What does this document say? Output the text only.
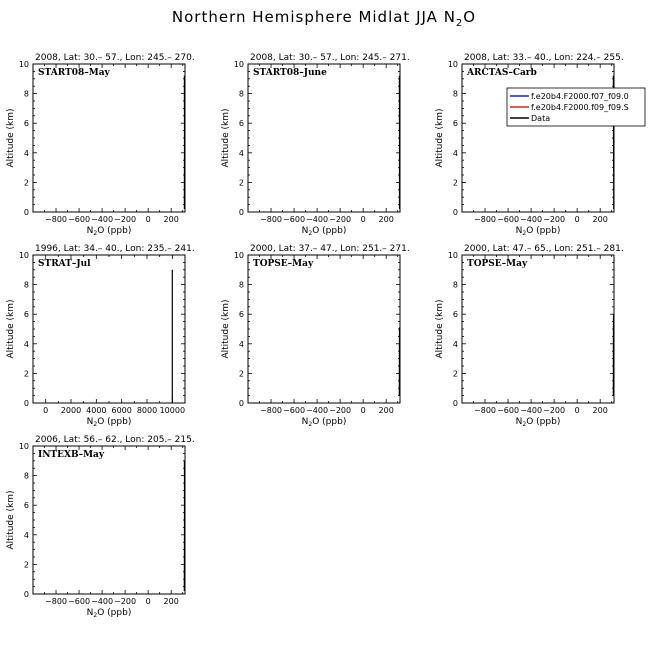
Northern Hemisphere Midlat JJA $N_2O$
2008, Lat: 30.– 57., Lon: 245.– 270.
0
2
4
6
8
10
−800 −600 −400 −200 0 200
$N_2O$ (ppb)
Altitude (km)
START08–May
2008, Lat: 30.– 57., Lon: 245.– 271.
0
2
4
6
8
10
−800 −600 −400 −200 0 200
$N_2O$ (ppb)
Altitude (km)
START08–June
2008, Lat: 33.– 40., Lon: 224.– 255.
0
2
4
6
8
10
−800 −600 −400 −200 0 200
$N_2O$ (ppb)
Altitude (km)
ARCTAS–Carb
f.e20b4.F2000.f07_f09.0
f.e20b4.F2000.f09_f09.S
Data
1996, Lat: 34.– 40., Lon: 235.– 241.
0
2
4
6
8
10
0 2000 4000 6000 8000 10000
$N_2O$ (ppb)
Altitude (km)
STRAT–Jul
2000, Lat: 37.– 47., Lon: 251.– 271.
0
2
4
6
8
10
−800 −600 −400 −200 0 200
$N_2O$ (ppb)
Altitude (km)
TOPSE–May
2000, Lat: 47.– 65., Lon: 251.– 281.
0
2
4
6
8
10
−800 −600 −400 −200 0 200
$N_2O$ (ppb)
Altitude (km)
TOPSE–May
2006, Lat: 56.– 62., Lon: 205.– 215.
0
2
4
6
8
10
−800 −600 −400 −200 0 200
$N_2O$ (ppb)
Altitude (km)
INTEXB–May
